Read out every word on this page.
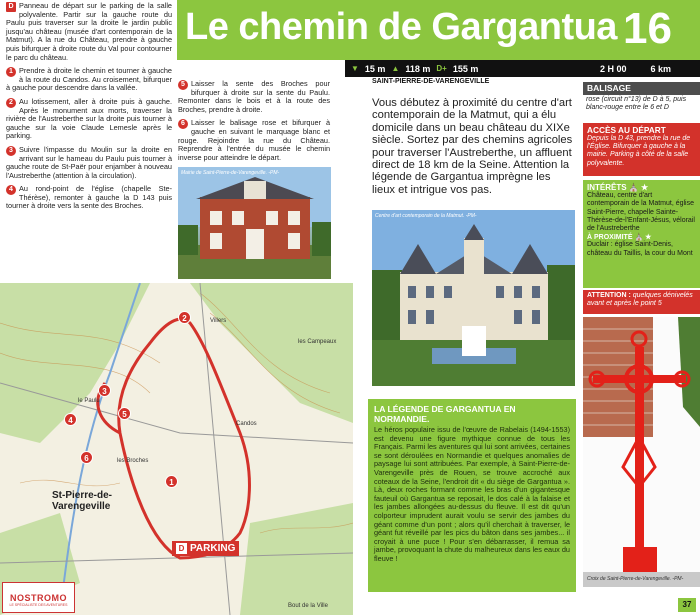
D Panneau de départ sur le parking de la salle polyvalente. Partir sur la gauche route du Paulu puis traverser sur la droite le jardin public jusqu'au château (musée d'art contemporain de la Matmut). A la rue du Château, prendre à gauche puis bifurquer à droite route du Val pour contourner le parc du château.
1 Prendre à droite le chemin et tourner à gauche à la route du Candos. Au croisement, bifurquer à gauche pour descendre dans la vallée.
2 Au lotissement, aller à droite puis à gauche. Après le monument aux morts, traverser la rivière de l'Austreberthe sur la droite puis tourner à gauche sur la voie Claude Lemesle après le parking.
3 Suivre l'impasse du Moulin sur la droite en arrivant sur le hameau du Paulu puis tourner à gauche route de St-Paër pour enjamber à nouveau l'Austreberthe (attention à la circulation).
4 Au rond-point de l'église (chapelle Ste-Thérèse), remonter à gauche la D 143 puis tourner à droite vers la sente des Broches.
Le chemin de Gargantua 16
▼ 15 m ▲ 118 m D+ 155 m	2 H 00	6 km
5 Laisser la sente des Broches pour bifurquer à droite sur la sente du Paulu. Remonter dans le bois et à la route des Broches, prendre à droite.
6 Laisser le balisage rose et bifurquer à gauche en suivant le marquage blanc et rouge. Rejoindre la rue du Château. Reprendre à l'entrée du musée le chemin inverse pour atteindre le départ.
Mairie de Saint-Pierre-de-Varengeville. -PM-
Villers
les Campeaux
Candos
les Broches
Bout de la Ville
le Paulu
St-Pierre-de-Varengeville
1
2
3
4
5
6
D PARKING
NOSTROMO
LE SPÉCIALISTE DES AVENTURES
SAINT-PIERRE-DE-VARENGEVILLE
Vous débutez à proximité du centre d'art contemporain de la Matmut, qui a élu domicile dans un beau château du XIXe siècle. Sortez par des chemins agricoles pour traverser l'Austreberthe, un affluent direct de 18 km de la Seine. Attention la légende de Gargantua imprègne les lieux et intrigue vos pas.
Centre d'art contemporain de la Matmut. -PM-
LA LÉGENDE DE GARGANTUA EN NORMANDIE.
Le héros populaire issu de l'œuvre de Rabelais (1494-1553) est devenu une figure mythique connue de tous les Français. Parmi les aventures qui lui sont arrivées, certaines se sont déroulées en Normandie et quelques anomalies de paysage lui sont attribuées. Par exemple, à Saint-Pierre-de-Varengeville près de Rouen, se trouve accroché aux coteaux de la Seine, l'endroit dit « du siège de Gargantua ». Là, deux roches formant comme les bras d'un gigantesque fauteuil où Gargantua se reposait, le dos calé à la falaise et les jambes allongées au-dessus du fleuve. Il est dit qu'un colporteur imprudent aurait voulu se servir des jambes du géant comme d'un pont ; alors qu'il cherchait à traverser, le géant fut réveillé par les pics du bâton dans ses jambes... il croyait à une puce ! Pour s'en débarrasser, il remua sa jambe, provoquant la chute du malheureux dans les eaux du fleuve !
BALISAGE
rose (circuit n°13) de D à 5, puis blanc-rouge entre le 6 et D
ACCÈS AU DÉPART
Depuis la D 43, prendre la rue de l'Église. Bifurquer à gauche à la mairie. Parking à côté de la salle polyvalente.
INTÉRÊTS ⛪ ★
Château, centre d'art contemporain de la Matmut, église Saint-Pierre, chapelle Sainte-Thérèse-de-l'Enfant-Jésus, vélorail de l'Austreberthe
À PROXIMITÉ ⛪ ★
Duclair : église Saint-Denis, château du Taillis, la cour du Mont
ATTENTION : quelques dénivelés avant et après le point 5
Croix de Saint-Pierre-de-Varengeville. -PM-
37
